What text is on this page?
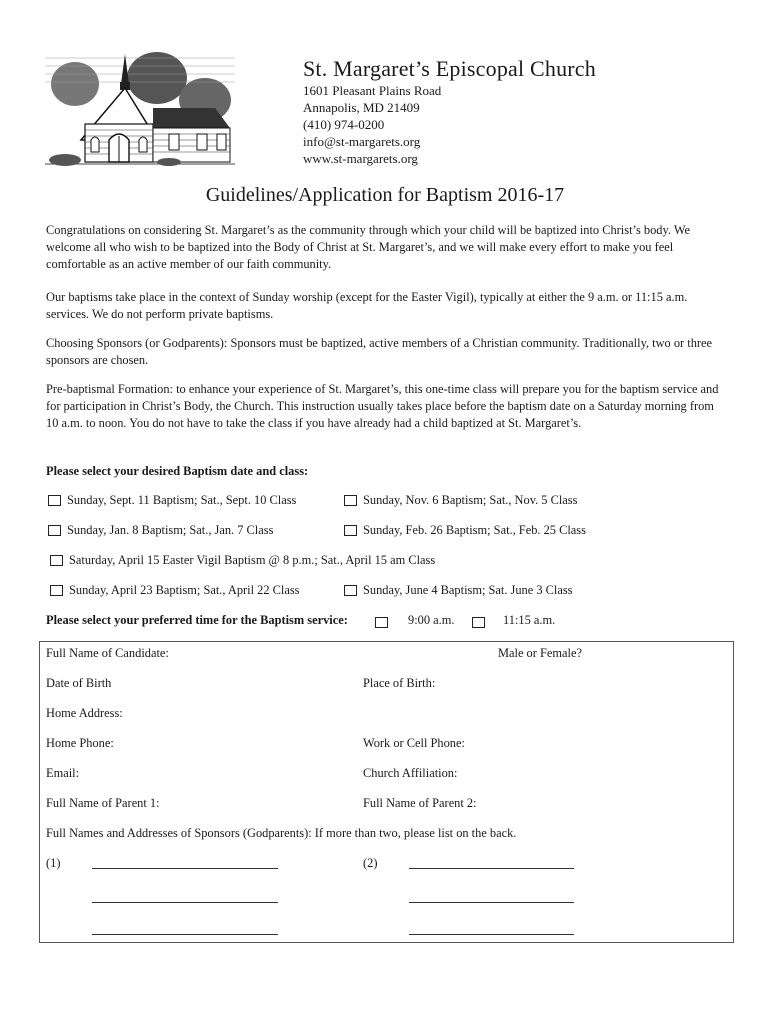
St. Margaret’s Episcopal Church
1601 Pleasant Plains Road
Annapolis, MD 21409
(410) 974-0200
info@st-margarets.org
www.st-margarets.org
Guidelines/Application for Baptism 2016-17
Congratulations on considering St. Margaret’s as the community through which your child will be baptized into Christ’s body. We welcome all who wish to be baptized into the Body of Christ at St. Margaret’s, and we will make every effort to make you feel comfortable as an active member of our faith community.
Our baptisms take place in the context of Sunday worship (except for the Easter Vigil), typically at either the 9 a.m. or 11:15 a.m. services. We do not perform private baptisms.
Choosing Sponsors (or Godparents): Sponsors must be baptized, active members of a Christian community. Traditionally, two or three sponsors are chosen.
Pre-baptismal Formation: to enhance your experience of St. Margaret’s, this one-time class will prepare you for the baptism service and for participation in Christ’s Body, the Church. This instruction usually takes place before the baptism date on a Saturday morning from 10 a.m. to noon. You do not have to take the class if you have already had a child baptized at St. Margaret’s.
Please select your desired Baptism date and class:
Sunday, Sept. 11 Baptism; Sat., Sept. 10 Class	Sunday, Nov. 6 Baptism; Sat., Nov. 5 Class
Sunday, Jan. 8 Baptism; Sat., Jan. 7 Class	Sunday, Feb. 26 Baptism; Sat., Feb. 25 Class
Saturday, April 15 Easter Vigil Baptism @ 8 p.m.; Sat., April 15 am Class
Sunday, April 23 Baptism; Sat., April 22 Class	Sunday, June 4 Baptism; Sat. June 3 Class
Please select your preferred time for the Baptism service:	9:00 a.m.	11:15 a.m.
Full Name of Candidate:	Male or Female?
Date of Birth	Place of Birth:
Home Address:
Home Phone:	Work or Cell Phone:
Email:	Church Affiliation:
Full Name of Parent 1:	Full Name of Parent 2:
Full Names and Addresses of Sponsors (Godparents): If more than two, please list on the back.
(1)	(2)
